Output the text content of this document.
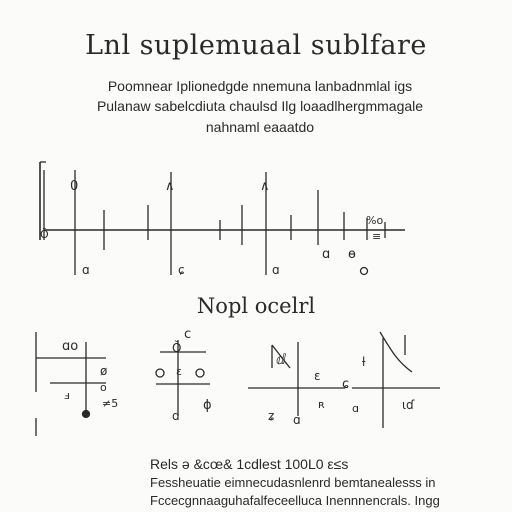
Lnl suplemuaal sublfare
Poomnear Iplionedgde nnemuna lanbadnmlal igs
Pulanaw sabelcdiuta chaulsd Ilg loaadlhergmmagale
nahnaml eaaatdo
0	∧	∧
Ŏ
%o
≡
ɑ ɵ
ɑ	ɕ	ɑ
ɑo
ø
o
ⅎ
≠5
c
Ŏ
ɛ
ɸ
ɑ
ⅆ
ɛ
ʑ ɑ
ʀ
ɕ
ƚ
ɑ	ɩɗ
Nopl ocelrl
Rels ə &cœ& 1cdlest 100L0 ε≤s
Fessheuatie eimnecudasnlenrd bemtanealesss in
Fccecgnnaaguhafalfeceelluca Inennnencrals. Ingg
